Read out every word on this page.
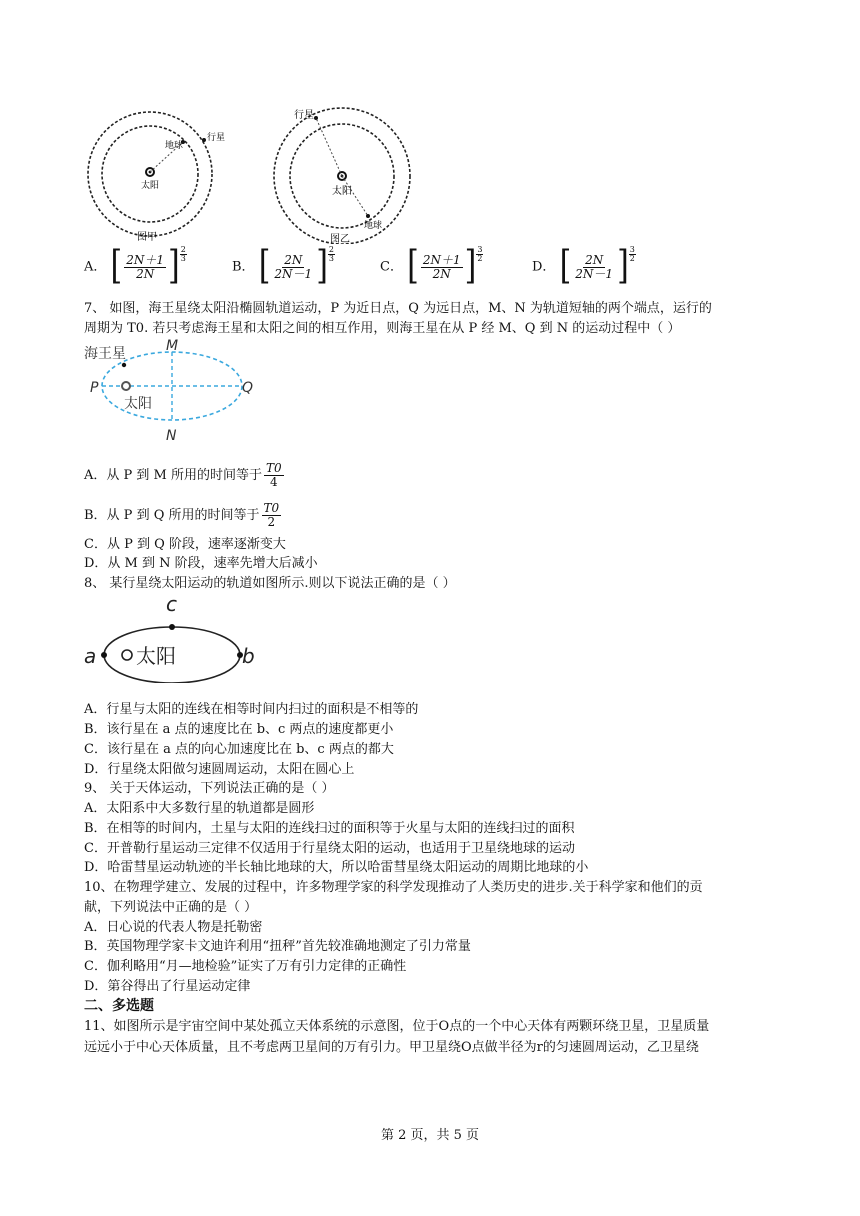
地球
行星
太阳
图甲
行星
太阳
地球
图乙
A． [ $\frac{2N+1}{2N}$ ] $\frac{2}{3}$
B． [ $\frac{2N}{2N-1}$ ] $\frac{2}{3}$
C． [ $\frac{2N+1}{2N}$ ] $\frac{3}{2}$
D． [ $\frac{2N}{2N-1}$ ] $\frac{3}{2}$
7、 如图，海王星绕太阳沿椭圆轨道运动，P 为近日点，Q 为远日点，M、N 为轨道短轴的两个端点，运行的
周期为 T0. 若只考虑海王星和太阳之间的相互作用，则海王星在从 P 经 M、Q 到 N 的运动过程中（ ）
海王星	M
P	Q
太阳
N
A．从 P 到 M 所用的时间等于 $\frac{T0}{4}$
B．从 P 到 Q 所用的时间等于 $\frac{T0}{2}$
C．从 P 到 Q 阶段，速率逐渐变大
D．从 M 到 N 阶段，速率先增大后减小
8、 某行星绕太阳运动的轨道如图所示.则以下说法正确的是（ ）
c
a	b
太阳
A．行星与太阳的连线在相等时间内扫过的面积是不相等的
B．该行星在 a 点的速度比在 b、c 两点的速度都更小
C．该行星在 a 点的向心加速度比在 b、c 两点的都大
D．行星绕太阳做匀速圆周运动，太阳在圆心上
9、 关于天体运动，下列说法正确的是（ ）
A．太阳系中大多数行星的轨道都是圆形
B．在相等的时间内，土星与太阳的连线扫过的面积等于火星与太阳的连线扫过的面积
C．开普勒行星运动三定律不仅适用于行星绕太阳的运动，也适用于卫星绕地球的运动
D．哈雷彗星运动轨迹的半长轴比地球的大，所以哈雷彗星绕太阳运动的周期比地球的小
10、在物理学建立、发展的过程中，许多物理学家的科学发现推动了人类历史的进步.关于科学家和他们的贡
献，下列说法中正确的是（ ）
A．日心说的代表人物是托勒密
B．英国物理学家卡文迪许利用“扭秤”首先较准确地测定了引力常量
C．伽利略用“月—地检验”证实了万有引力定律的正确性
D．第谷得出了行星运动定律
二、多选题
11、如图所示是宇宙空间中某处孤立天体系统的示意图，位于O点的一个中心天体有两颗环绕卫星，卫星质量
远远小于中心天体质量，且不考虑两卫星间的万有引力。甲卫星绕O点做半径为r的匀速圆周运动，乙卫星绕
第 2 页，共 5 页
